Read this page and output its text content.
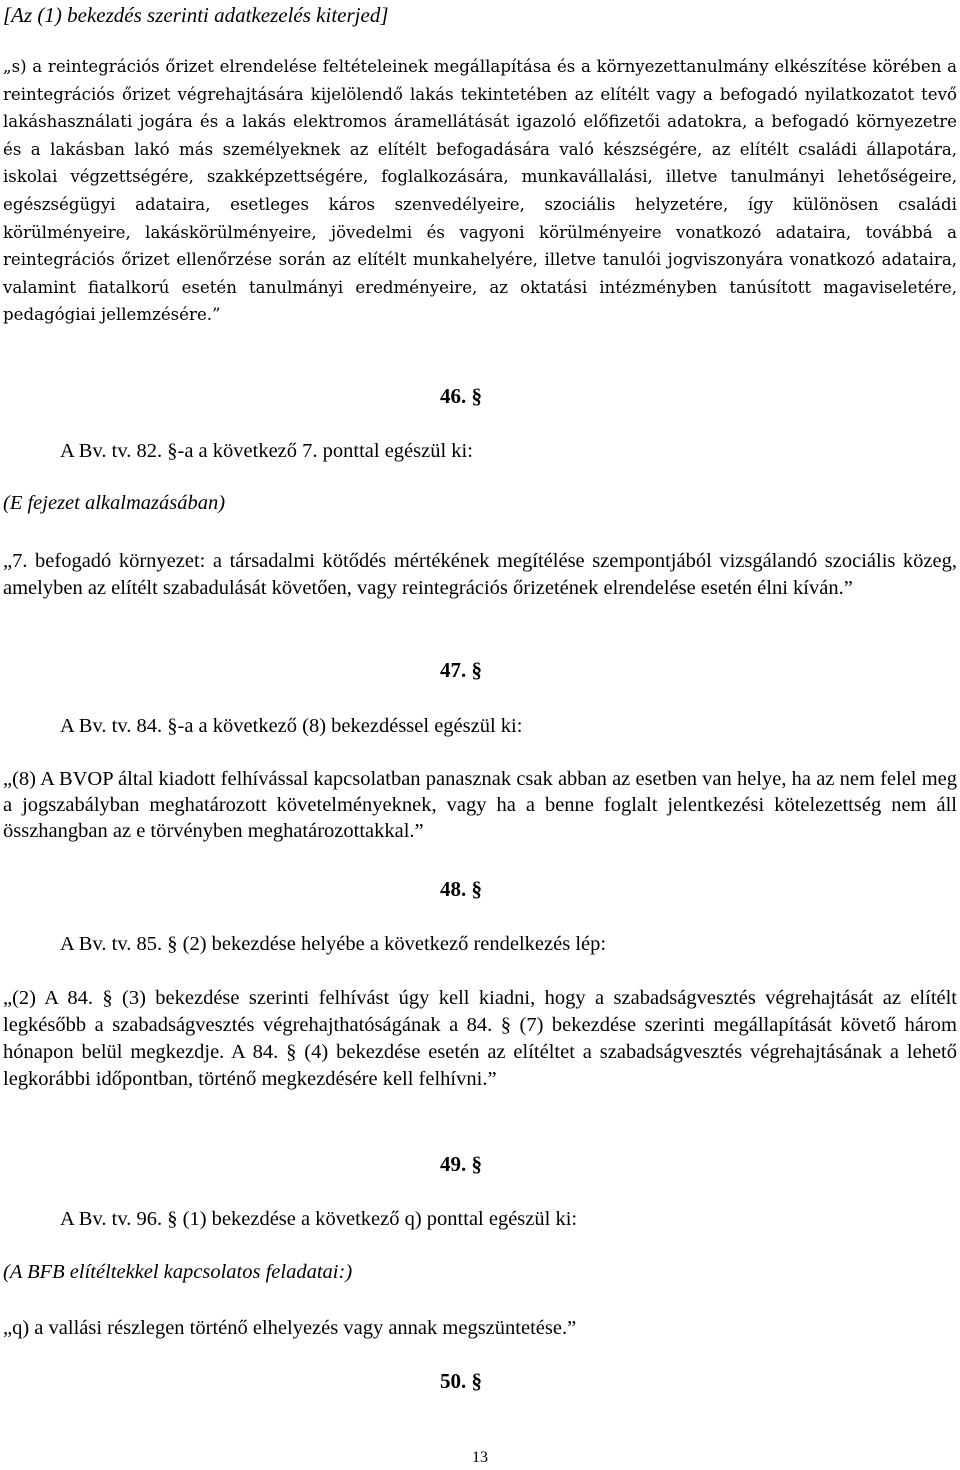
[Az (1) bekezdés szerinti adatkezelés kiterjed]

„s) a reintegrációs őrizet elrendelése feltételeinek megállapítása és a környezettanulmány elkészítése körében a reintegrációs őrizet végrehajtására kijelölendő lakás tekintetében az elítélt vagy a befogadó nyilatkozatot tevő lakáshasználati jogára és a lakás elektromos áramellátását igazoló előfizetői adatokra, a befogadó környezetre és a lakásban lakó más személyeknek az elítélt befogadására való készségére, az elítélt családi állapotára, iskolai végzettségére, szakképzettségére, foglalkozására, munkavállalási, illetve tanulmányi lehetőségeire, egészségügyi adataira, esetleges káros szenvedélyeire, szociális helyzetére, így különösen családi körülményeire, lakáskörülményeire, jövedelmi és vagyoni körülményeire vonatkozó adataira, továbbá a reintegrációs őrizet ellenőrzése során az elítélt munkahelyére, illetve tanulói jogviszonyára vonatkozó adataira, valamint fiatalkorú esetén tanulmányi eredményeire, az oktatási intézményben tanúsított magaviseletére, pedagógiai jellemzésére.”

46. §

A Bv. tv. 82. §-a a következő 7. ponttal egészül ki:

(E fejezet alkalmazásában)

„7. befogadó környezet: a társadalmi kötődés mértékének megítélése szempontjából vizsgálandó szociális közeg, amelyben az elítélt szabadulását követően, vagy reintegrációs őrizetének elrendelése esetén élni kíván.”

47. §

A Bv. tv. 84. §-a a következő (8) bekezdéssel egészül ki:

„(8) A BVOP által kiadott felhívással kapcsolatban panasznak csak abban az esetben van helye, ha az nem felel meg a jogszabályban meghatározott követelményeknek, vagy ha a benne foglalt jelentkezési kötelezettség nem áll összhangban az e törvényben meghatározottakkal.”

48. §

A Bv. tv. 85. § (2) bekezdése helyébe a következő rendelkezés lép:

„(2) A 84. § (3) bekezdése szerinti felhívást úgy kell kiadni, hogy a szabadságvesztés végrehajtását az elítélt legkésőbb a szabadságvesztés végrehajthatóságának a 84. § (7) bekezdése szerinti megállapítását követő három hónapon belül megkezdje. A 84. § (4) bekezdése esetén az elítéltet a szabadságvesztés végrehajtásának a lehető legkorábbi időpontban, történő megkezdésére kell felhívni.”

49. §

A Bv. tv. 96. § (1) bekezdése a következő q) ponttal egészül ki:

(A BFB elítéltekkel kapcsolatos feladatai:)

„q) a vallási részlegen történő elhelyezés vagy annak megszüntetése.”

50. §
13
